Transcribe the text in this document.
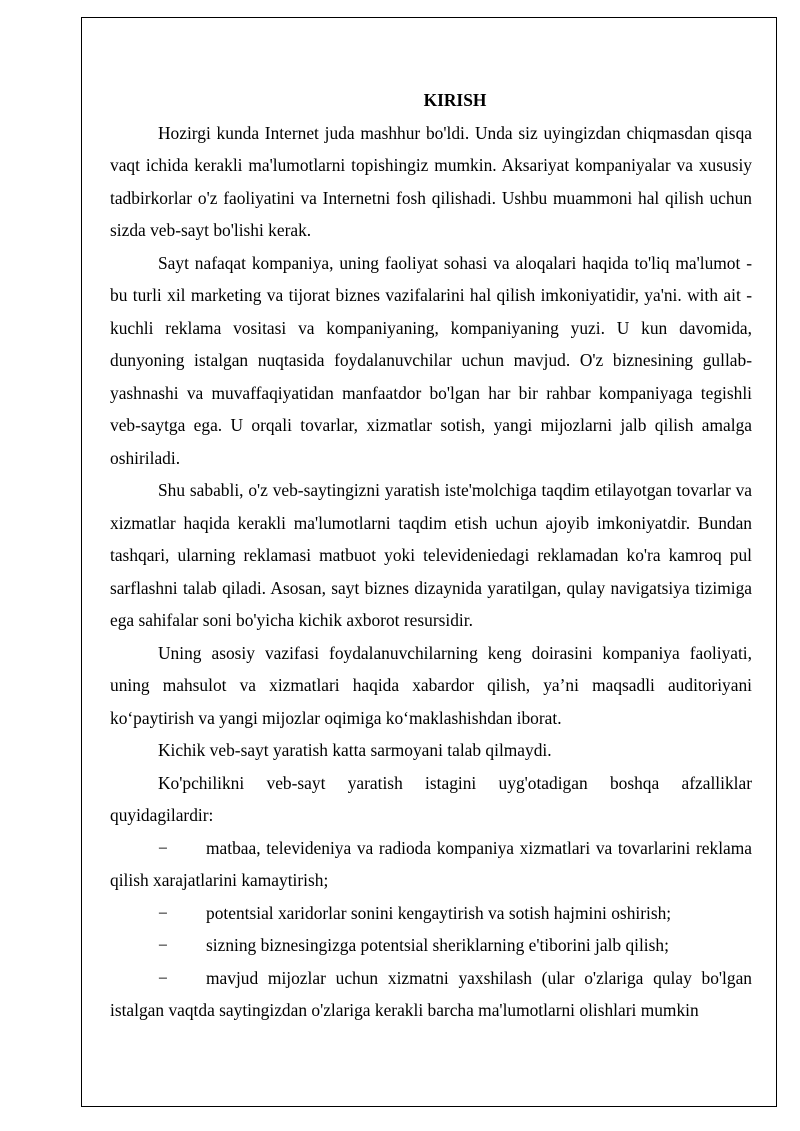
KIRISH

Hozirgi kunda Internet juda mashhur bo'ldi. Unda siz uyingizdan chiqmasdan qisqa vaqt ichida kerakli ma'lumotlarni topishingiz mumkin. Aksariyat kompaniyalar va xususiy tadbirkorlar o'z faoliyatini va Internetni fosh qilishadi. Ushbu muammoni hal qilish uchun sizda veb-sayt bo'lishi kerak.

Sayt nafaqat kompaniya, uning faoliyat sohasi va aloqalari haqida to'liq ma'lumot - bu turli xil marketing va tijorat biznes vazifalarini hal qilish imkoniyatidir, ya'ni. with ait - kuchli reklama vositasi va kompaniyaning, kompaniyaning yuzi. U kun davomida, dunyoning istalgan nuqtasida foydalanuvchilar uchun mavjud. O'z biznesining gullab-yashnashi va muvaffaqiyatidan manfaatdor bo'lgan har bir rahbar kompaniyaga tegishli veb-saytga ega. U orqali tovarlar, xizmatlar sotish, yangi mijozlarni jalb qilish amalga oshiriladi.

Shu sababli, o'z veb-saytingizni yaratish iste'molchiga taqdim etilayotgan tovarlar va xizmatlar haqida kerakli ma'lumotlarni taqdim etish uchun ajoyib imkoniyatdir. Bundan tashqari, ularning reklamasi matbuot yoki televideniedagi reklamadan ko'ra kamroq pul sarflashni talab qiladi. Asosan, sayt biznes dizaynida yaratilgan, qulay navigatsiya tizimiga ega sahifalar soni bo'yicha kichik axborot resursidir.

Uning asosiy vazifasi foydalanuvchilarning keng doirasini kompaniya faoliyati, uning mahsulot va xizmatlari haqida xabardor qilish, ya’ni maqsadli auditoriyani ko‘paytirish va yangi mijozlar oqimiga ko‘maklashishdan iborat.

Kichik veb-sayt yaratish katta sarmoyani talab qilmaydi.

Ko'pchilikni veb-sayt yaratish istagini uyg'otadigan boshqa afzalliklar quyidagilardir:

− matbaa, televideniya va radioda kompaniya xizmatlari va tovarlarini reklama qilish xarajatlarini kamaytirish;
− potentsial xaridorlar sonini kengaytirish va sotish hajmini oshirish;
− sizning biznesingizga potentsial sheriklarning e'tiborini jalb qilish;
− mavjud mijozlar uchun xizmatni yaxshilash (ular o'zlariga qulay bo'lgan istalgan vaqtda saytingizdan o'zlariga kerakli barcha ma'lumotlarni olishlari mumkin
